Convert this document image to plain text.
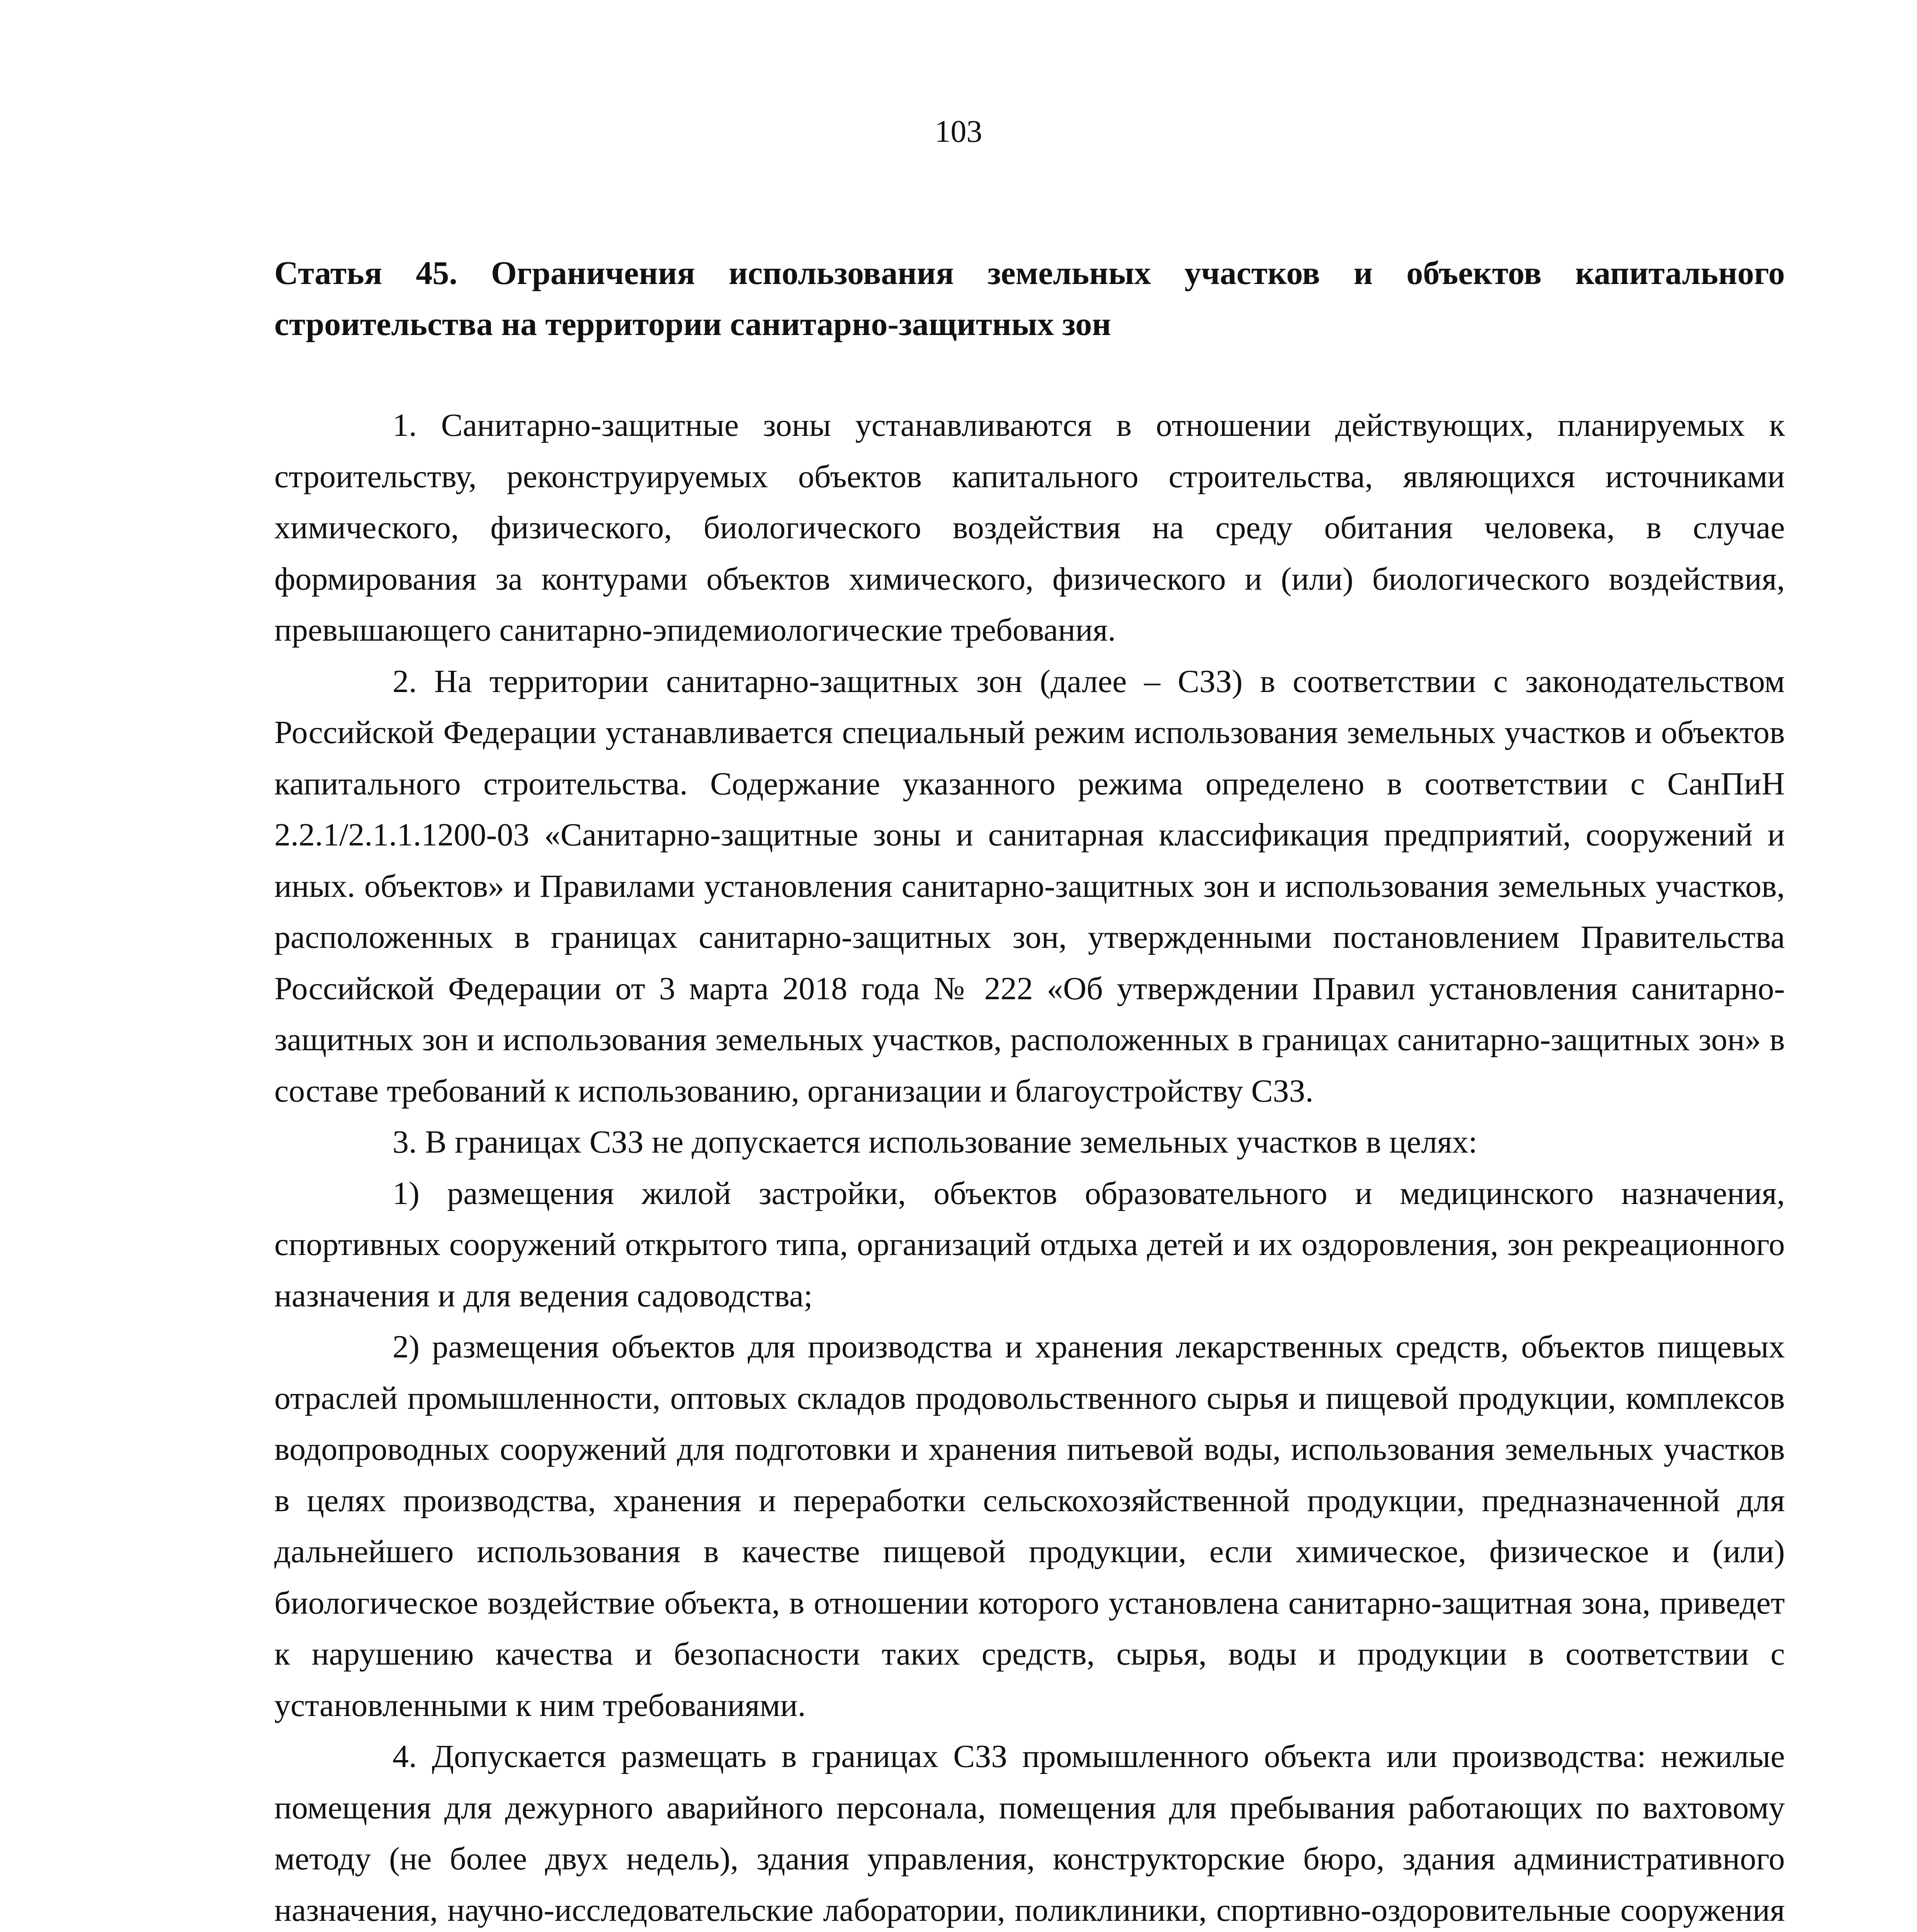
103
Статья 45. Ограничения использования земельных участков и объектов капитального строительства на территории санитарно-защитных зон

1. Санитарно-защитные зоны устанавливаются в отношении действующих, планируемых к строительству, реконструируемых объектов капитального строительства, являющихся источниками химического, физического, биологического воздействия на среду обитания человека, в случае формирования за контурами объектов химического, физического и (или) биологического воздействия, превышающего санитарно-эпидемиологические требования.

2. На территории санитарно-защитных зон (далее – СЗЗ) в соответствии с законодательством Российской Федерации устанавливается специальный режим использования земельных участков и объектов капитального строительства. Содержание указанного режима определено в соответствии с СанПиН 2.2.1/2.1.1.1200-03 «Санитарно-защитные зоны и санитарная классификация предприятий, сооружений и иных. объектов» и Правилами установления санитарно-защитных зон и использования земельных участков, расположенных в границах санитарно-защитных зон, утвержденными постановлением Правительства Российской Федерации от 3 марта 2018 года № 222 «Об утверждении Правил установления санитарно-защитных зон и использования земельных участков, расположенных в границах санитарно-защитных зон» в составе требований к использованию, организации и благоустройству СЗЗ.

3. В границах СЗЗ не допускается использование земельных участков в целях:

1) размещения жилой застройки, объектов образовательного и медицинского назначения, спортивных сооружений открытого типа, организаций отдыха детей и их оздоровления, зон рекреационного назначения и для ведения садоводства;

2) размещения объектов для производства и хранения лекарственных средств, объектов пищевых отраслей промышленности, оптовых складов продовольственного сырья и пищевой продукции, комплексов водопроводных сооружений для подготовки и хранения питьевой воды, использования земельных участков в целях производства, хранения и переработки сельскохозяйственной продукции, предназначенной для дальнейшего использования в качестве пищевой продукции, если химическое, физическое и (или) биологическое воздействие объекта, в отношении которого установлена санитарно-защитная зона, приведет к нарушению качества и безопасности таких средств, сырья, воды и продукции в соответствии с установленными к ним требованиями.

4. Допускается размещать в границах СЗЗ промышленного объекта или производства: нежилые помещения для дежурного аварийного персонала, помещения для пребывания работающих по вахтовому методу (не более двух недель), здания управления, конструкторские бюро, здания административного назначения, научно-исследовательские лаборатории, поликлиники, спортивно-оздоровительные сооружения
